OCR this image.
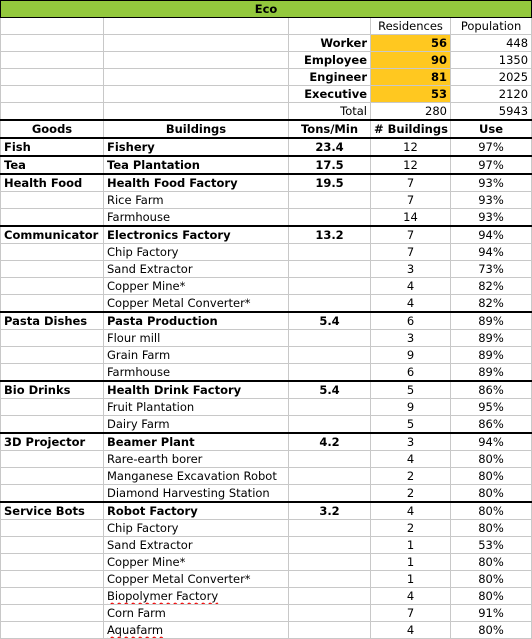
Eco				
			Residences	Population
		Worker	56	448
		Employee	90	1350
		Engineer	81	2025
		Executive	53	2120
		Total	280	5943
Goods	Buildings	Tons/Min	# Buildings	Use
Fish	Fishery	23.4	12	97%
Tea	Tea Plantation	17.5	12	97%
Health Food	Health Food Factory	19.5	7	93%
	Rice Farm		7	93%
	Farmhouse		14	93%
Communicator	Electronics Factory	13.2	7	94%
	Chip Factory		7	94%
	Sand Extractor		3	73%
	Copper Mine*		4	82%
	Copper Metal Converter*		4	82%
Pasta Dishes	Pasta Production	5.4	6	89%
	Flour mill		3	89%
	Grain Farm		9	89%
	Farmhouse		6	89%
Bio Drinks	Health Drink Factory	5.4	5	86%
	Fruit Plantation		9	95%
	Dairy Farm		5	86%
3D Projector	Beamer Plant	4.2	3	94%
	Rare-earth borer		4	80%
	Manganese Excavation Robot		2	80%
	Diamond Harvesting Station		2	80%
Service Bots	Robot Factory	3.2	4	80%
	Chip Factory		2	80%
	Sand Extractor		1	53%
	Copper Mine*		1	80%
	Copper Metal Converter*		1	80%
	Biopolymer Factory		4	80%
	Corn Farm		7	91%
	Aquafarm		4	80%
